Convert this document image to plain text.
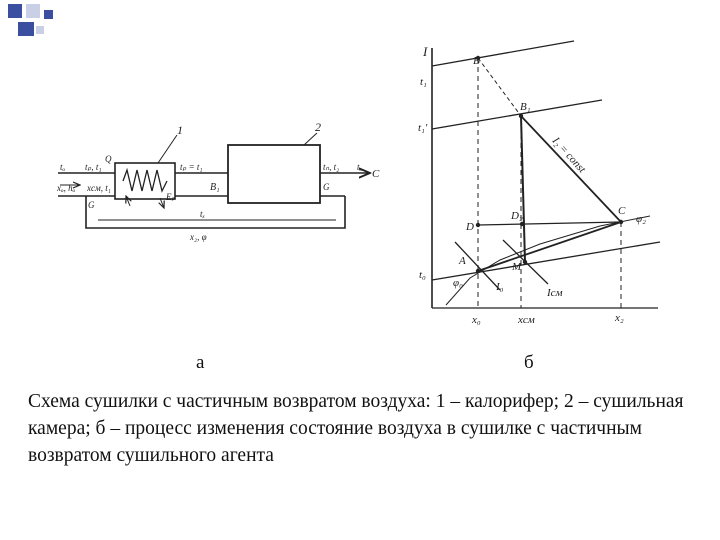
1	2
tₒ
xₒ, hₒ
tₚ, t₁
xcм, t₁
tₚ = t₁
Q
G
Eₚ
B₁
tₙ, t₂
G
tₒ
C
tₓ
x₂, φ
I
t₁
t₁'
t₀
B
B₁
C
φ₂
D
D₂
A	M
φ₀	I₀	Iсм
I₂ = const
x₀	xсм	x₂
а	б

Схема сушилки с частичным возвратом воздуха: 1 – калорифер; 2 – сушильная камера; б – процесс изменения состояние воздуха в сушилке с частичным возвратом сушильного агента
